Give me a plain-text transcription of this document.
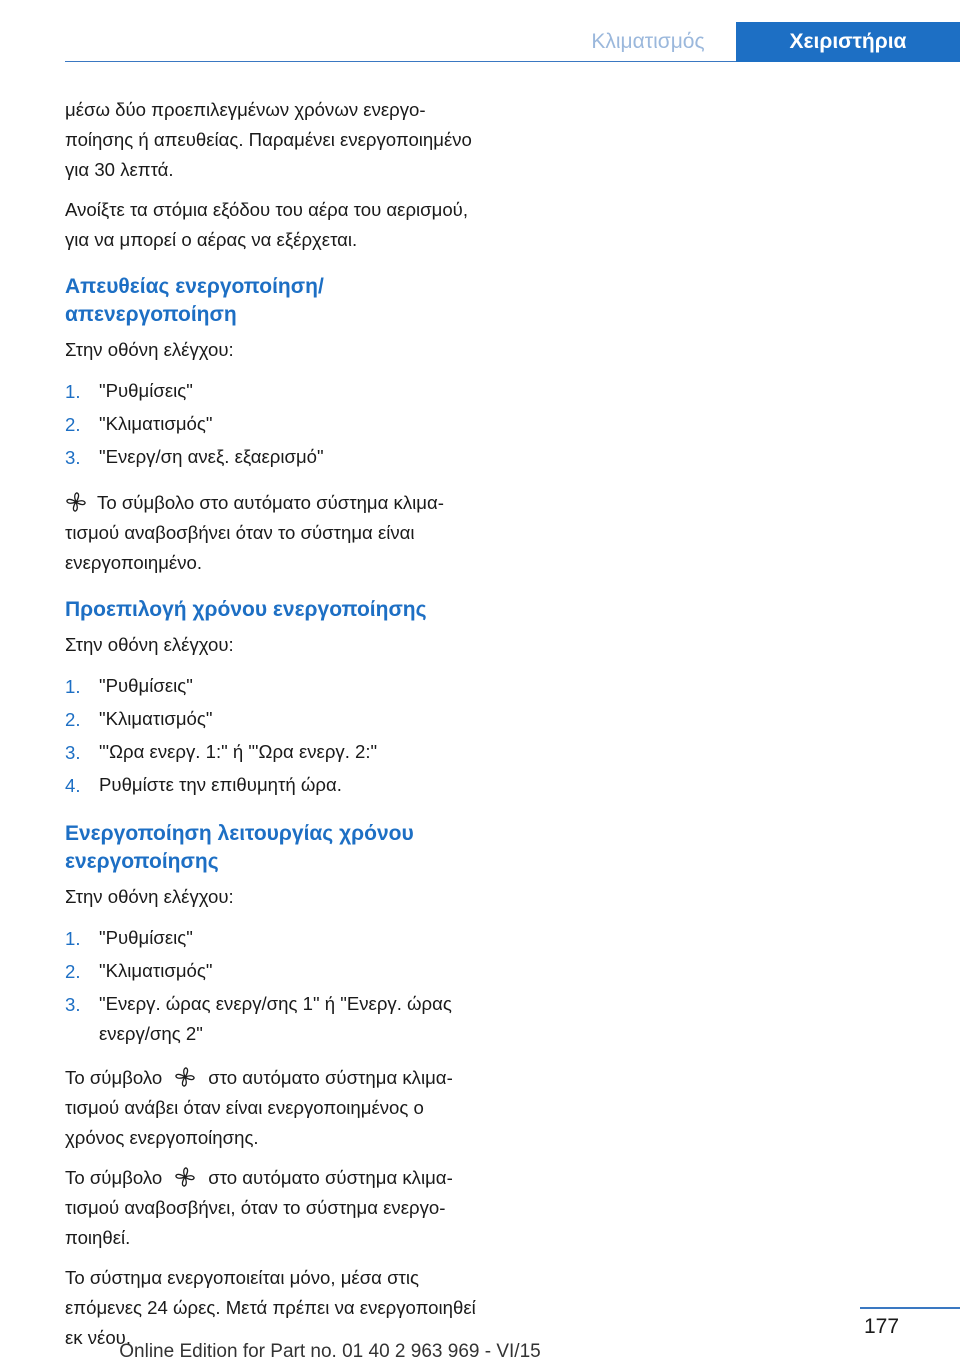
Κλιματισμός	Χειριστήρια

μέσω δύο προεπιλεγμένων χρόνων ενεργοποίησης ή απευθείας. Παραμένει ενεργοποιημένο για 30 λεπτά.

Ανοίξτε τα στόμια εξόδου του αέρα του αερισμού, για να μπορεί ο αέρας να εξέρχεται.

Απευθείας ενεργοποίηση/ απενεργοποίηση

Στην οθόνη ελέγχου:

1. "Ρυθμίσεις"
2. "Κλιματισμός"
3. "Ενεργ/ση ανεξ. εξαερισμό"

Το σύμβολο στο αυτόματο σύστημα κλιματισμού αναβοσβήνει όταν το σύστημα είναι ενεργοποιημένο.

Προεπιλογή χρόνου ενεργοποίησης

Στην οθόνη ελέγχου:

1. "Ρυθμίσεις"
2. "Κλιματισμός"
3. "'Ωρα ενεργ. 1:" ή "'Ωρα ενεργ. 2:"
4. Ρυθμίστε την επιθυμητή ώρα.
Ενεργοποίηση λειτουργίας χρόνου ενεργοποίησης

Στην οθόνη ελέγχου:

1. "Ρυθμίσεις"
2. "Κλιματισμός"
3. "Ενεργ. ώρας ενεργ/σης 1" ή "Ενεργ. ώρας ενεργ/σης 2"

Το σύμβολο στο αυτόματο σύστημα κλιματισμού ανάβει όταν είναι ενεργοποιημένος ο χρόνος ενεργοποίησης.

Το σύμβολο στο αυτόματο σύστημα κλιματισμού αναβοσβήνει, όταν το σύστημα ενεργοποιηθεί.

Το σύστημα ενεργοποιείται μόνο, μέσα στις επόμενες 24 ώρες. Μετά πρέπει να ενεργοποιηθεί εκ νέου.	177
Online Edition for Part no. 01 40 2 963 969 - VI/15
